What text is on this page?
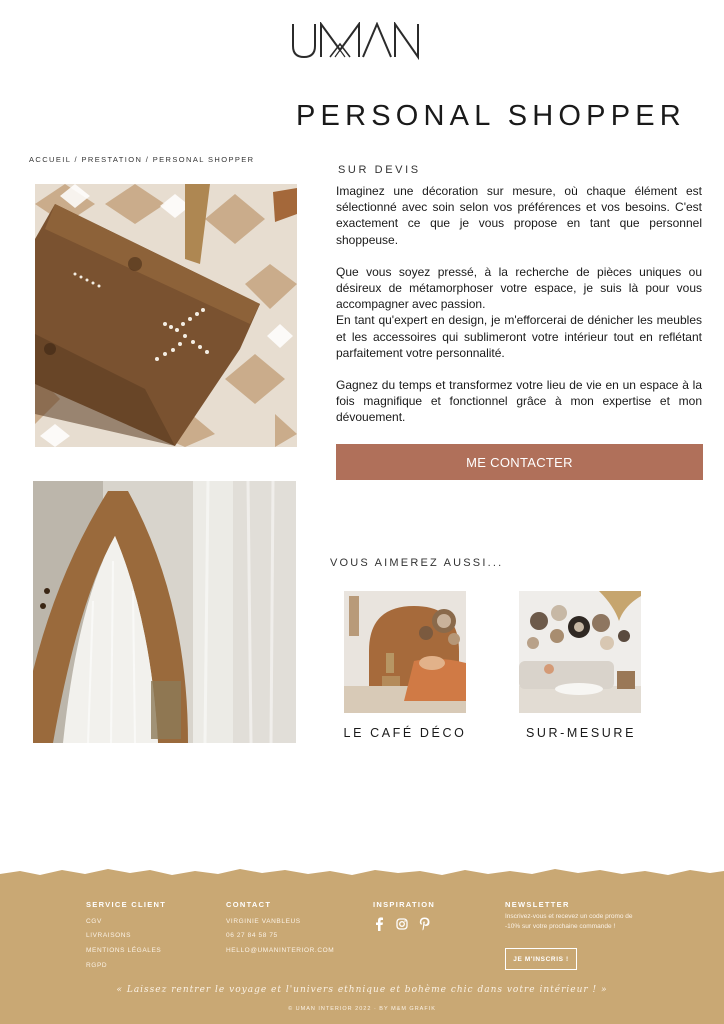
PERSONAL SHOPPER
ACCUEIL / PRESTATION / PERSONAL SHOPPER
SUR DEVIS

Imaginez une décoration sur mesure, où chaque élément est sélectionné avec soin selon vos préférences et vos besoins. C'est exactement ce que je vous propose en tant que personnel shoppeuse.

Que vous soyez pressé, à la recherche de pièces uniques ou désireux de métamorphoser votre espace, je suis là pour vous accompagner avec passion.

En tant qu'expert en design, je m'efforcerai de dénicher les meubles et les accessoires qui sublimeront votre intérieur tout en reflétant parfaitement votre personnalité.

Gagnez du temps et transformez votre lieu de vie en un espace à la fois magnifique et fonctionnel grâce à mon expertise et mon dévouement.

ME CONTACTER
VOUS AIMEREZ AUSSI...
LE CAFÉ DÉCO	SUR-MESURE
SERVICE CLIENT
CGV
LIVRAISONS
MENTIONS LÉGALES
RGPD
CONTACT
VIRGINIE VANBLEUS
06 27 84 58 75
HELLO@UMANINTERIOR.COM
INSPIRATION	NEWSLETTER
Inscrivez-vous et recevez un code promo de -10% sur votre prochaine commande !
JE M'INSCRIS !
« Laissez rentrer le voyage et l'univers ethnique et bohème chic dans votre intérieur ! »
© UMAN INTERIOR 2022 · BY M&M GRAFIK
